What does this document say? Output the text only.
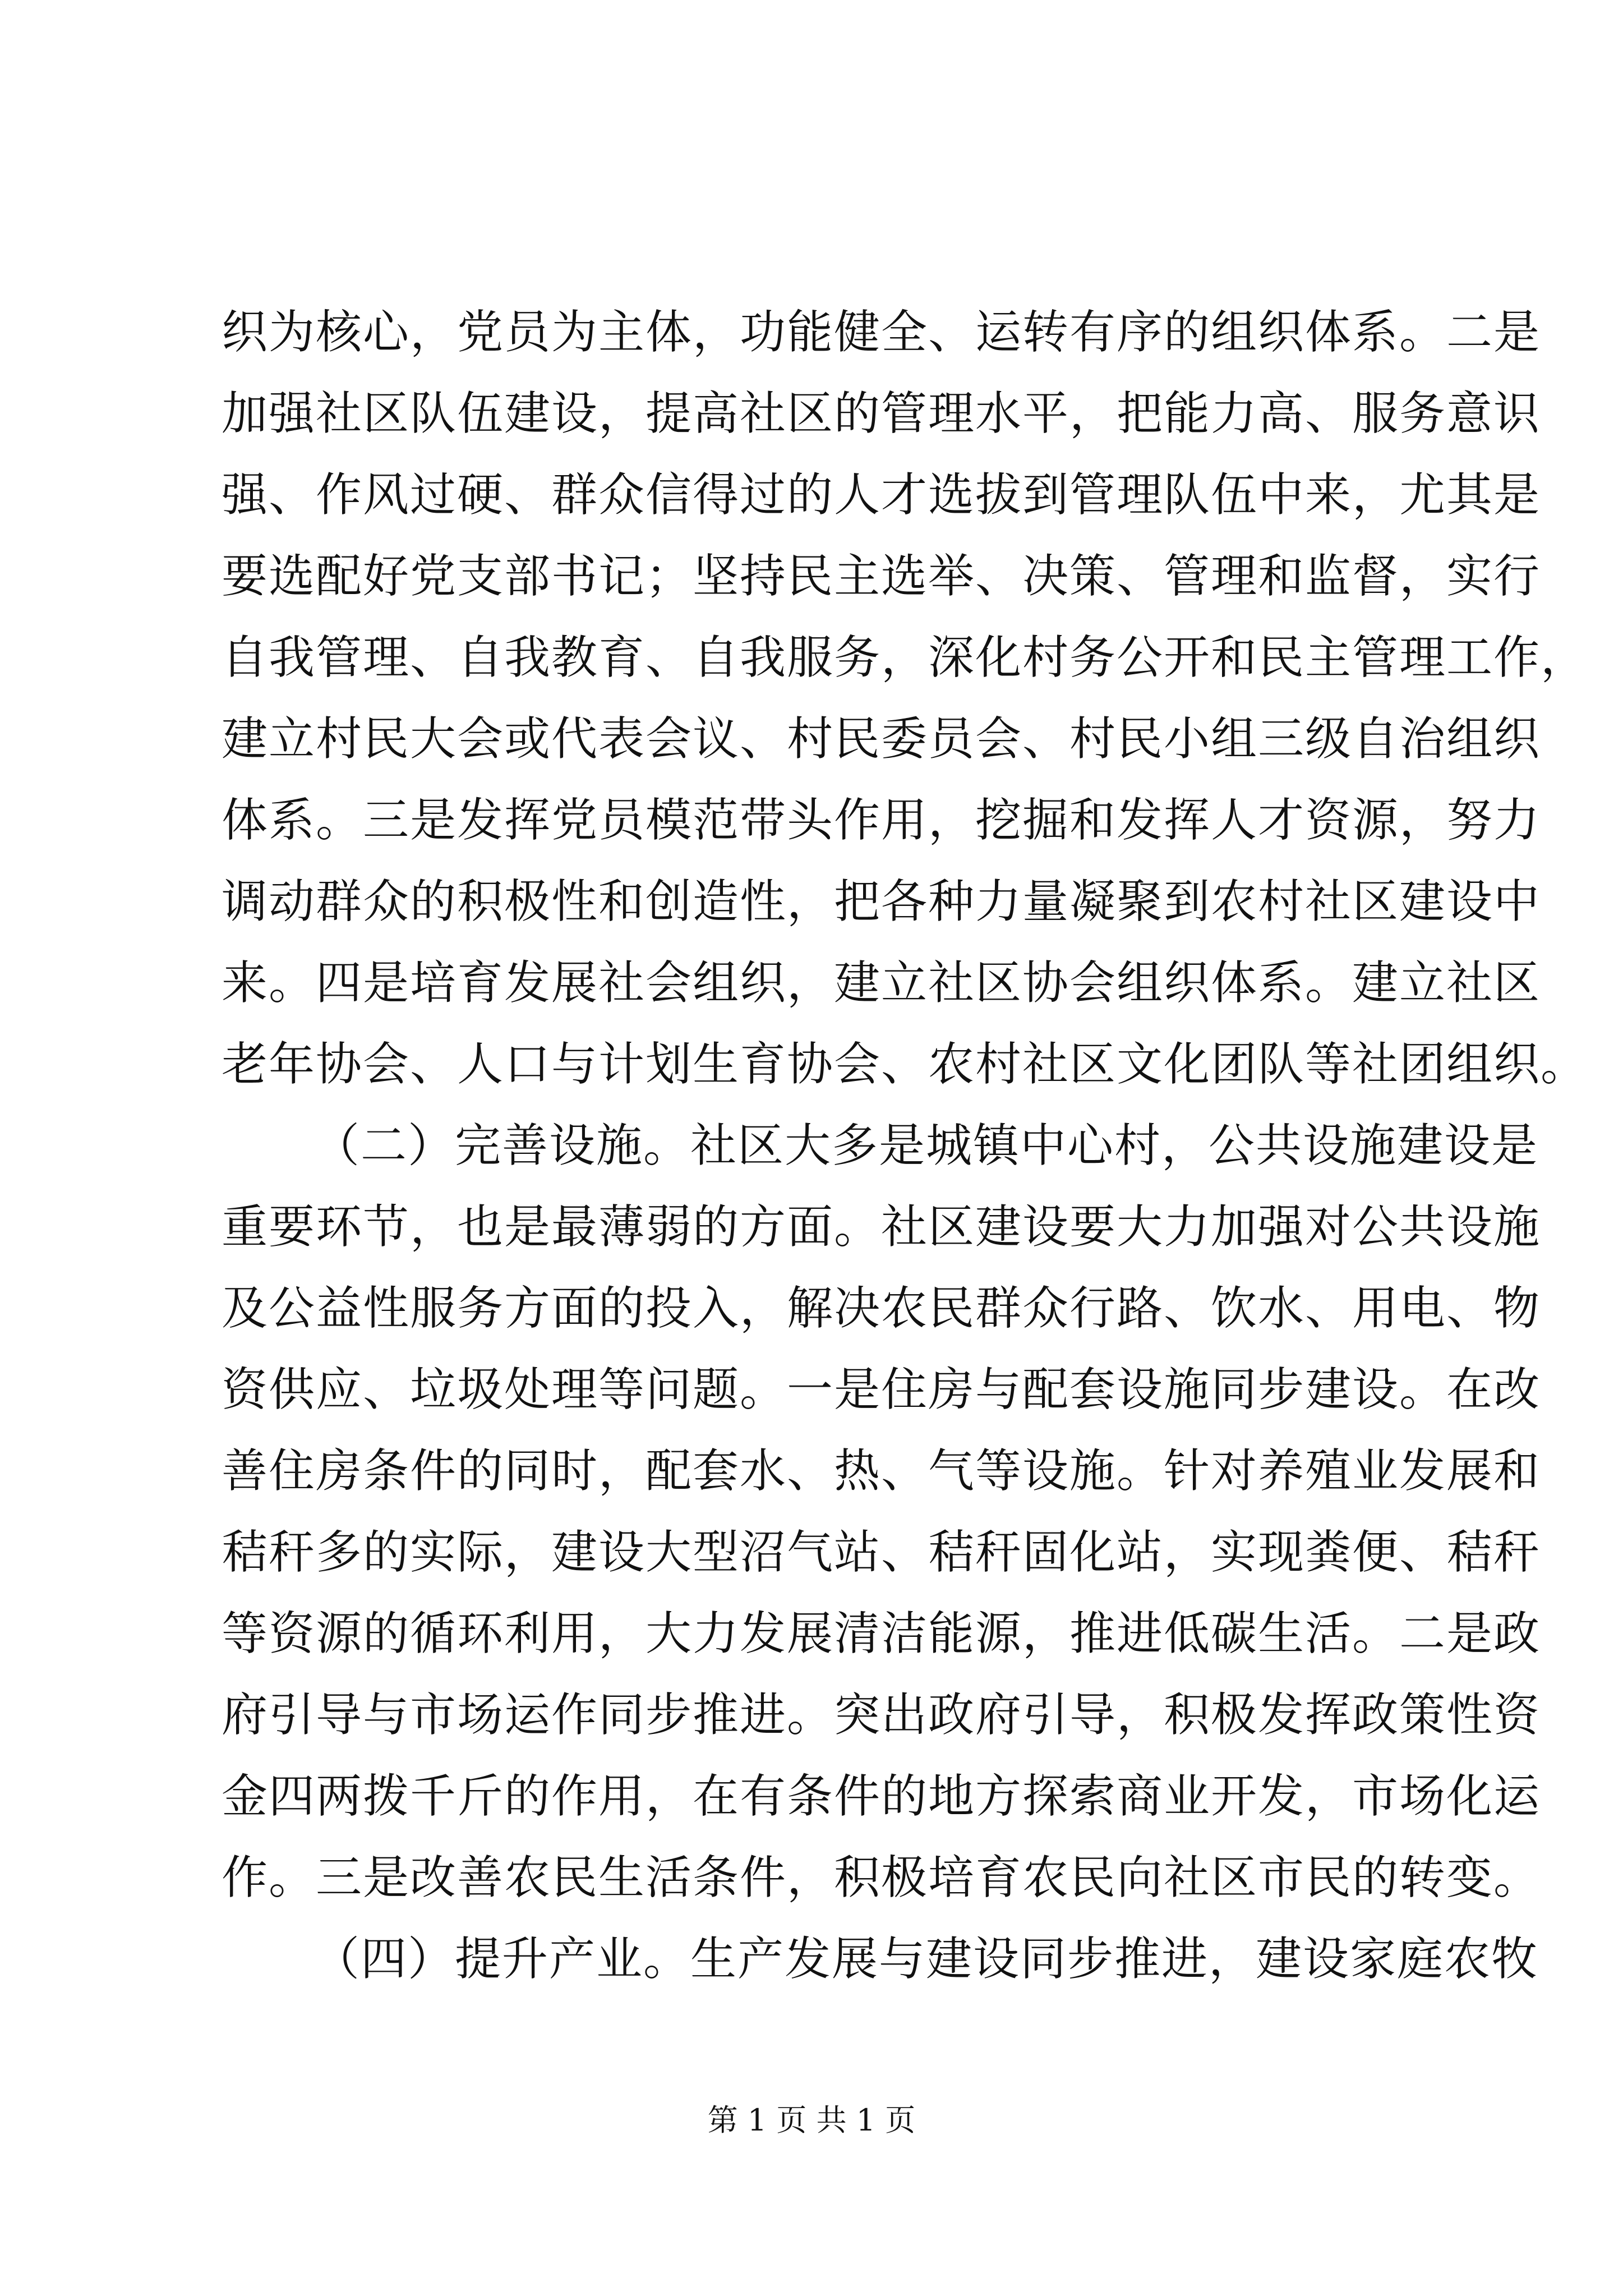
织为核心，党员为主体，功能健全、运转有序的组织体系。二是
加强社区队伍建设，提高社区的管理水平，把能力高、服务意识
强、作风过硬、群众信得过的人才选拔到管理队伍中来，尤其是
要选配好党支部书记；坚持民主选举、决策、管理和监督，实行
自我管理、自我教育、自我服务，深化村务公开和民主管理工作，
建立村民大会或代表会议、村民委员会、村民小组三级自治组织
体系。三是发挥党员模范带头作用，挖掘和发挥人才资源，努力
调动群众的积极性和创造性，把各种力量凝聚到农村社区建设中
来。四是培育发展社会组织，建立社区协会组织体系。建立社区
老年协会、人口与计划生育协会、农村社区文化团队等社团组织。
（二）完善设施。社区大多是城镇中心村，公共设施建设是
重要环节，也是最薄弱的方面。社区建设要大力加强对公共设施
及公益性服务方面的投入，解决农民群众行路、饮水、用电、物
资供应、垃圾处理等问题。一是住房与配套设施同步建设。在改
善住房条件的同时，配套水、热、气等设施。针对养殖业发展和
秸秆多的实际，建设大型沼气站、秸秆固化站，实现粪便、秸秆
等资源的循环利用，大力发展清洁能源，推进低碳生活。二是政
府引导与市场运作同步推进。突出政府引导，积极发挥政策性资
金四两拨千斤的作用，在有条件的地方探索商业开发，市场化运
作。三是改善农民生活条件，积极培育农民向社区市民的转变。
（四）提升产业。生产发展与建设同步推进，建设家庭农牧
第 1 页 共 1 页
